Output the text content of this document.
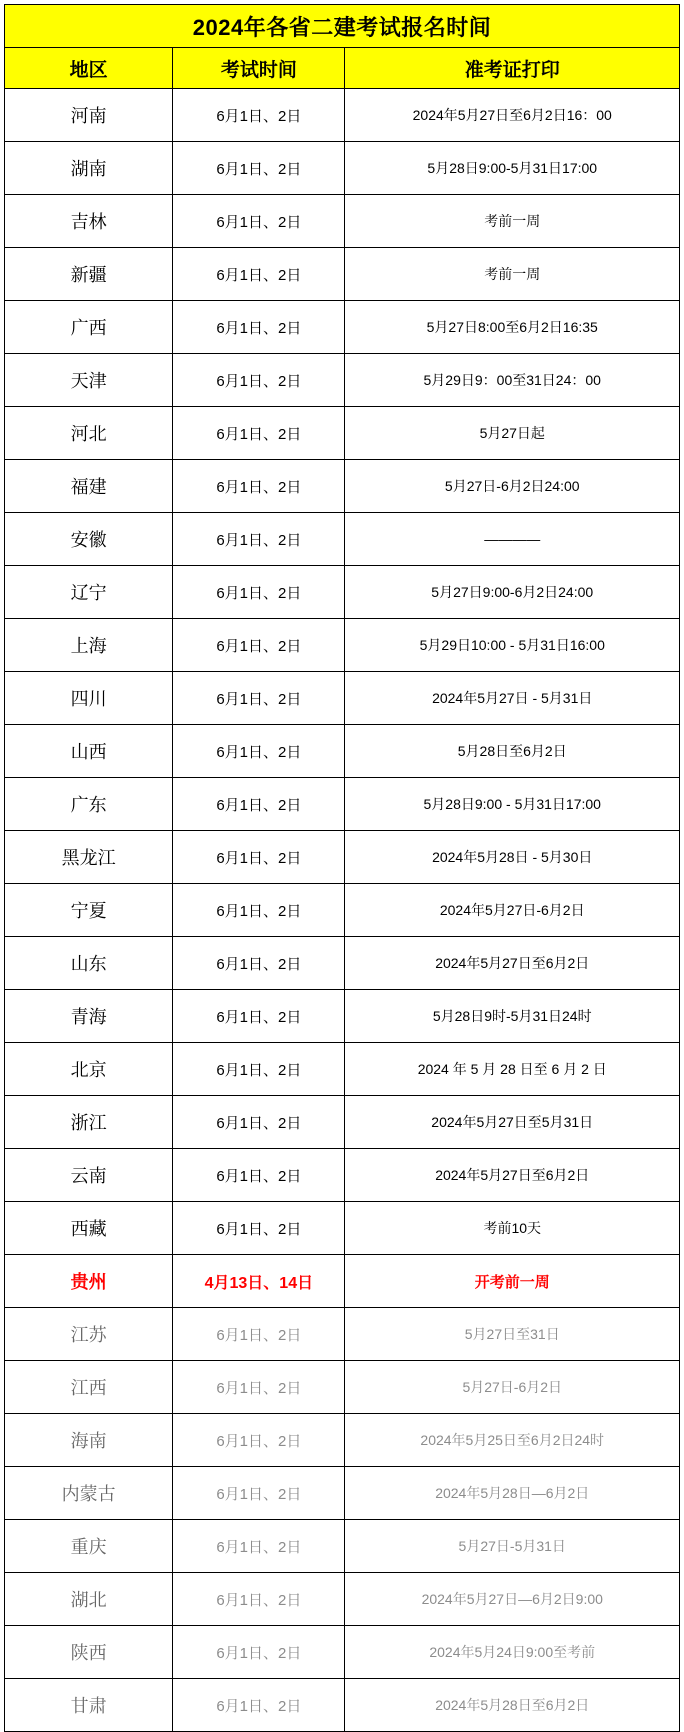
2024年各省二建考试报名时间		
地区	考试时间	准考证打印
河南	6月1日、2日	2024年5月27日至6月2日16：00
湖南	6月1日、2日	5月28日9:00-5月31日17:00
吉林	6月1日、2日	考前一周
新疆	6月1日、2日	考前一周
广西	6月1日、2日	5月27日8:00至6月2日16:35
天津	6月1日、2日	5月29日9：00至31日24：00
河北	6月1日、2日	5月27日起
福建	6月1日、2日	5月27日-6月2日24:00
安徽	6月1日、2日	————
辽宁	6月1日、2日	5月27日9:00-6月2日24:00
上海	6月1日、2日	5月29日10:00 - 5月31日16:00
四川	6月1日、2日	2024年5月27日 - 5月31日
山西	6月1日、2日	5月28日至6月2日
广东	6月1日、2日	5月28日9:00 - 5月31日17:00
黑龙江	6月1日、2日	2024年5月28日 - 5月30日
宁夏	6月1日、2日	2024年5月27日-6月2日
山东	6月1日、2日	2024年5月27日至6月2日
青海	6月1日、2日	5月28日9时-5月31日24时
北京	6月1日、2日	2024 年 5 月 28 日至 6 月 2 日
浙江	6月1日、2日	2024年5月27日至5月31日
云南	6月1日、2日	2024年5月27日至6月2日
西藏	6月1日、2日	考前10天
贵州	4月13日、14日	开考前一周
江苏	6月1日、2日	5月27日至31日
江西	6月1日、2日	5月27日-6月2日
海南	6月1日、2日	2024年5月25日至6月2日24时
内蒙古	6月1日、2日	2024年5月28日—6月2日
重庆	6月1日、2日	5月27日-5月31日
湖北	6月1日、2日	2024年5月27日—6月2日9:00
陕西	6月1日、2日	2024年5月24日9:00至考前
甘肃	6月1日、2日	2024年5月28日至6月2日
